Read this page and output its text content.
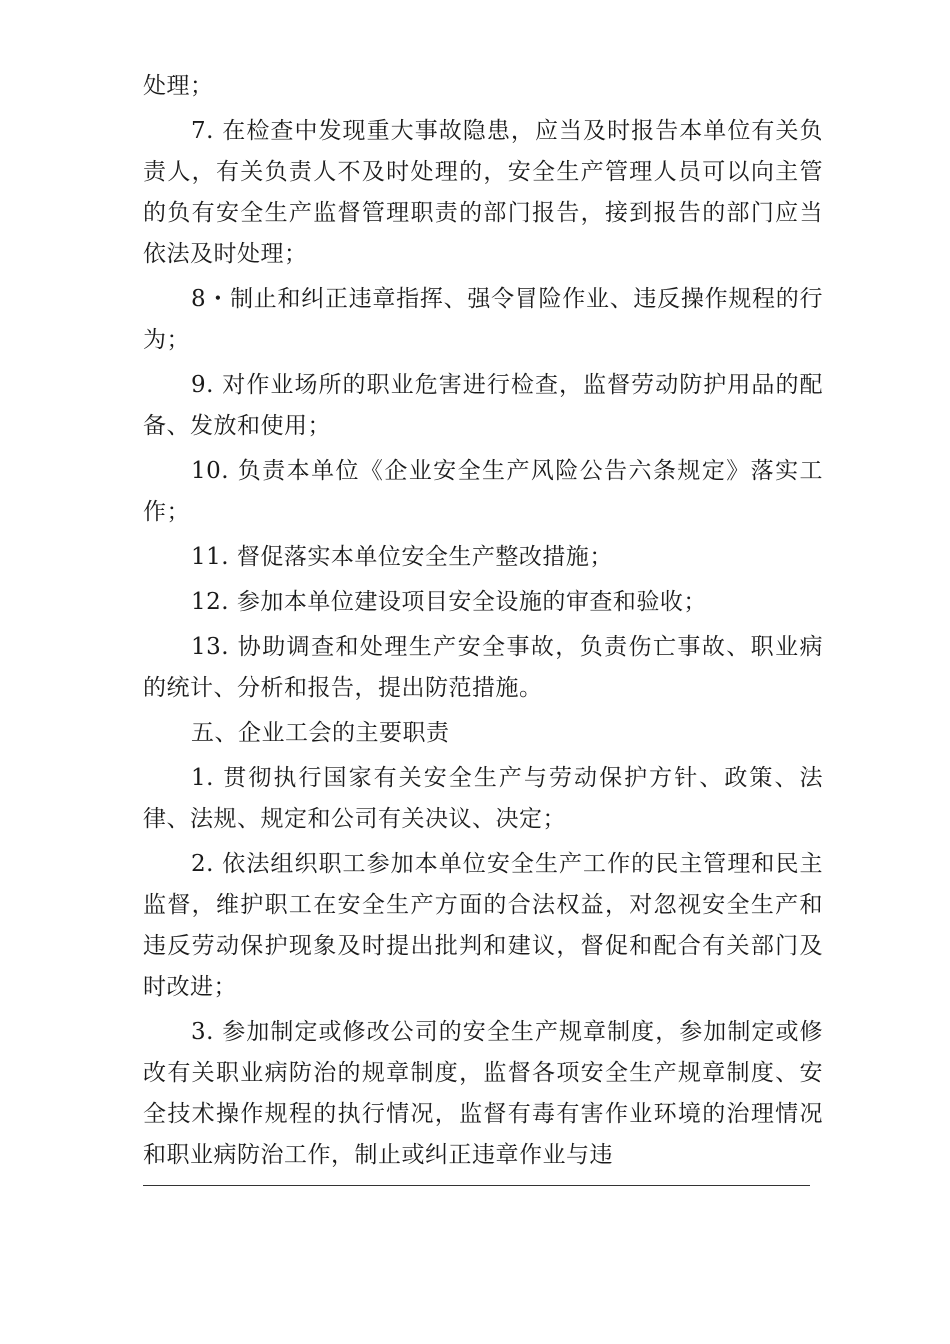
处理；

7. 在检查中发现重大事故隐患，应当及时报告本单位有关负责人，有关负责人不及时处理的，安全生产管理人员可以向主管的负有安全生产监督管理职责的部门报告，接到报告的部门应当依法及时处理；

8・制止和纠正违章指挥、强令冒险作业、违反操作规程的行为；

9. 对作业场所的职业危害进行检查，监督劳动防护用品的配备、发放和使用；

10. 负责本单位《企业安全生产风险公告六条规定》落实工作；

11. 督促落实本单位安全生产整改措施；

12. 参加本单位建设项目安全设施的审查和验收；

13. 协助调查和处理生产安全事故，负责伤亡事故、职业病的统计、分析和报告，提出防范措施。

五、企业工会的主要职责

1. 贯彻执行国家有关安全生产与劳动保护方针、政策、法律、法规、规定和公司有关决议、决定；

2. 依法组织职工参加本单位安全生产工作的民主管理和民主监督，维护职工在安全生产方面的合法权益，对忽视安全生产和违反劳动保护现象及时提出批判和建议，督促和配合有关部门及时改进；

3. 参加制定或修改公司的安全生产规章制度，参加制定或修改有关职业病防治的规章制度，监督各项安全生产规章制度、安全技术操作规程的执行情况，监督有毒有害作业环境的治理情况和职业病防治工作，制止或纠正违章作业与违
